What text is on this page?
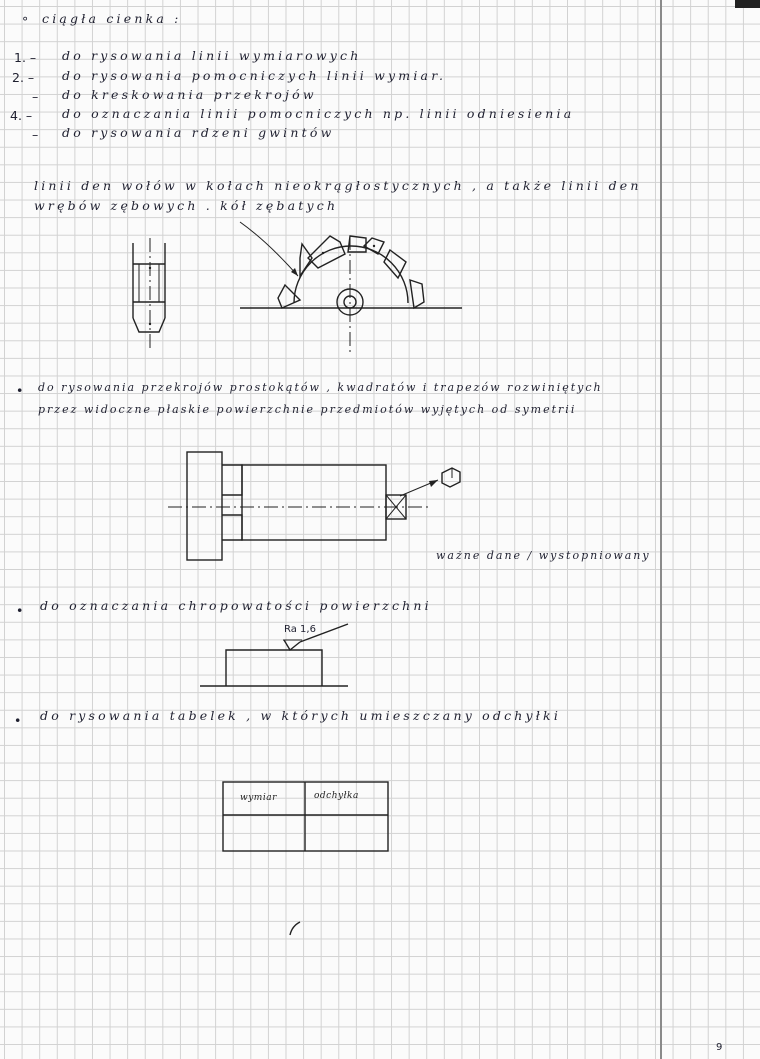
° ciągła cienka :
1. – do rysowania linii wymiarowych
2. – do rysowania pomocniczych linii wymiar.
– do kreskowania przekrojów
4. – do oznaczania linii pomocniczych np. linii odniesienia
– do rysowania rdzeni gwintów
linii den wołów w kołach nieokrągłostycznych , a także linii den
wrębów zębowych . kół zębatych
• do rysowania przekrojów prostokątów , kwadratów i trapezów rozwiniętych
przez widoczne płaskie powierzchnie przedmiotów wyjętych od symetrii
ważne dane / wystopniowany
• do oznaczania chropowatości powierzchni
Ra 1,6
• do rysowania tabelek , w których umieszczany odchyłki
9
wymiar	odchyłka
